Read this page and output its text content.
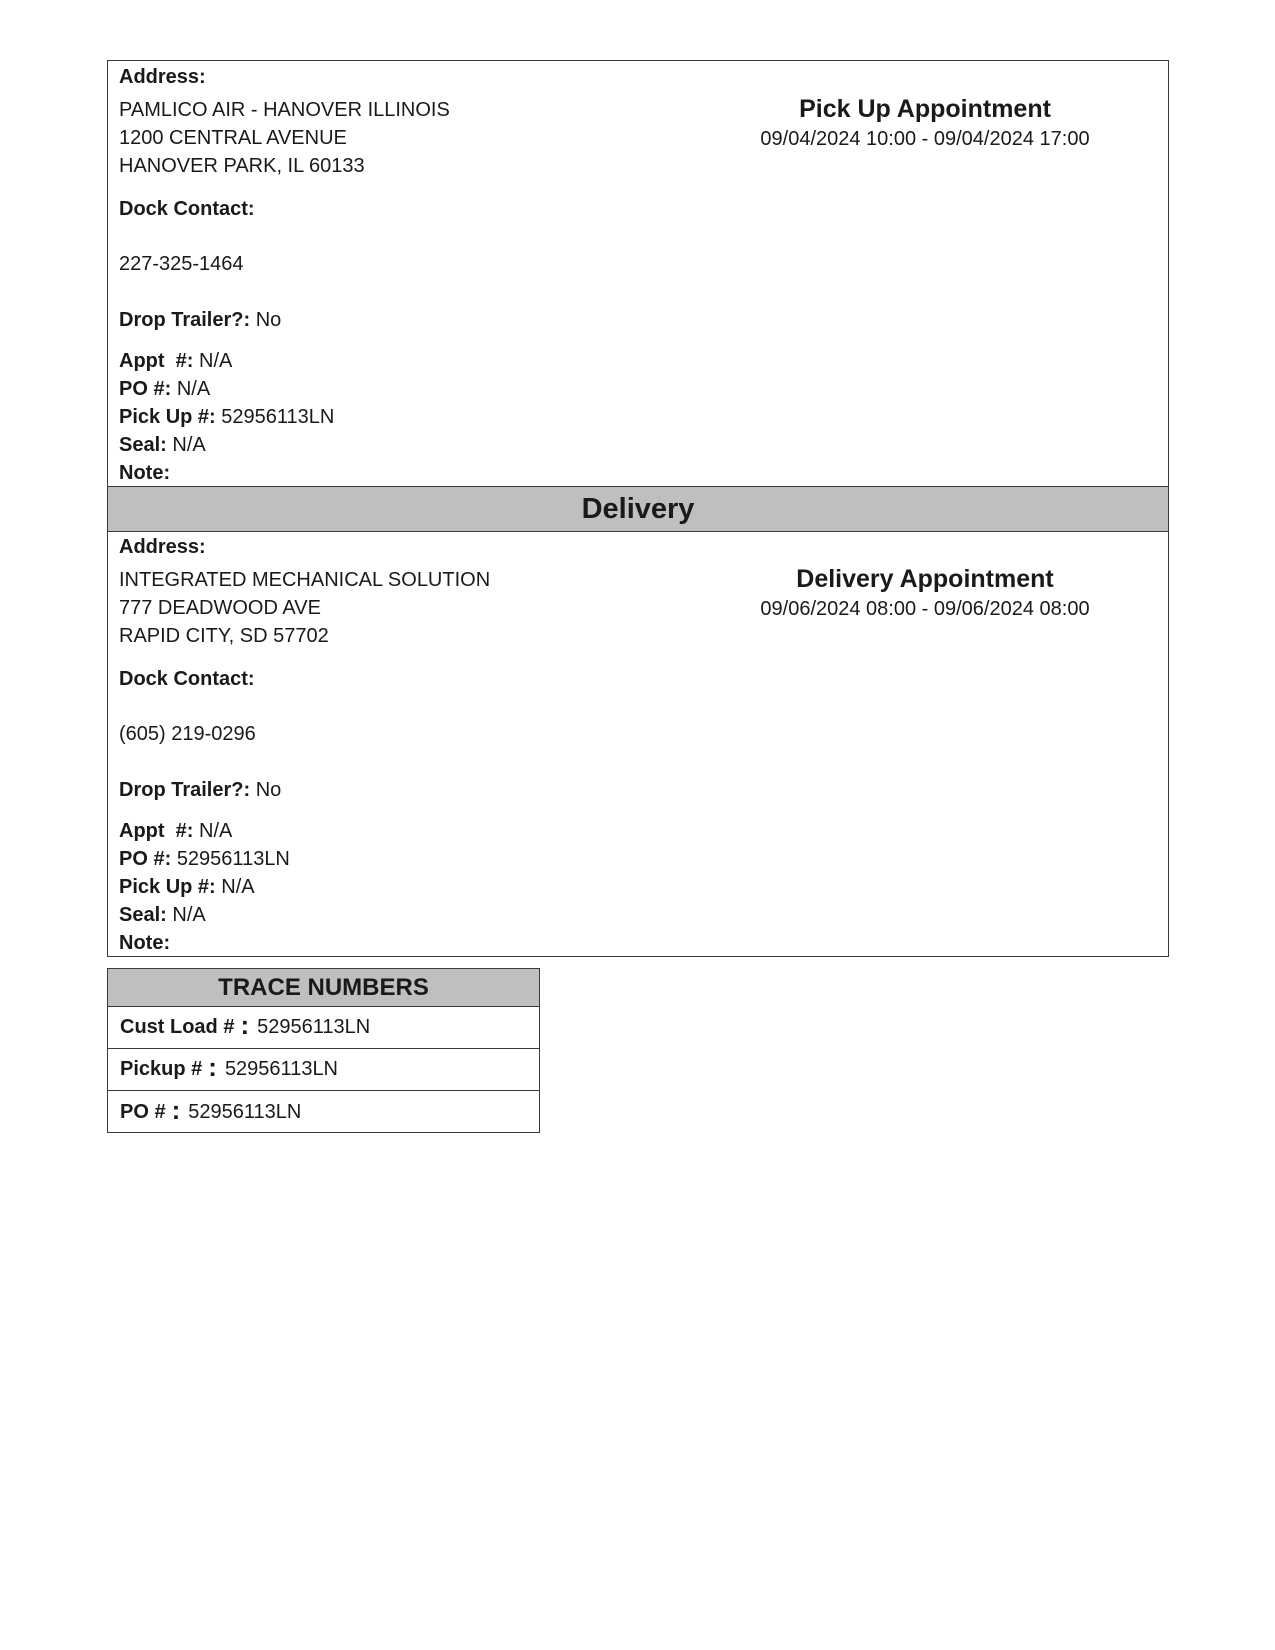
Address:
PAMLICO AIR - HANOVER ILLINOIS
1200 CENTRAL AVENUE
HANOVER PARK, IL 60133
Pick Up Appointment
09/04/2024 10:00 - 09/04/2024 17:00
Dock Contact:
227-325-1464
Drop Trailer?: No
Appt  #: N/A
PO #: N/A
Pick Up #: 52956113LN
Seal: N/A
Note:
Delivery
Address:
INTEGRATED MECHANICAL SOLUTION
777 DEADWOOD AVE
RAPID CITY, SD 57702
Delivery Appointment
09/06/2024 08:00 - 09/06/2024 08:00
Dock Contact:
(605) 219-0296
Drop Trailer?: No
Appt  #: N/A
PO #: 52956113LN
Pick Up #: N/A
Seal: N/A
Note:
TRACE NUMBERS
Cust Load # : 52956113LN
Pickup # : 52956113LN
PO # : 52956113LN
